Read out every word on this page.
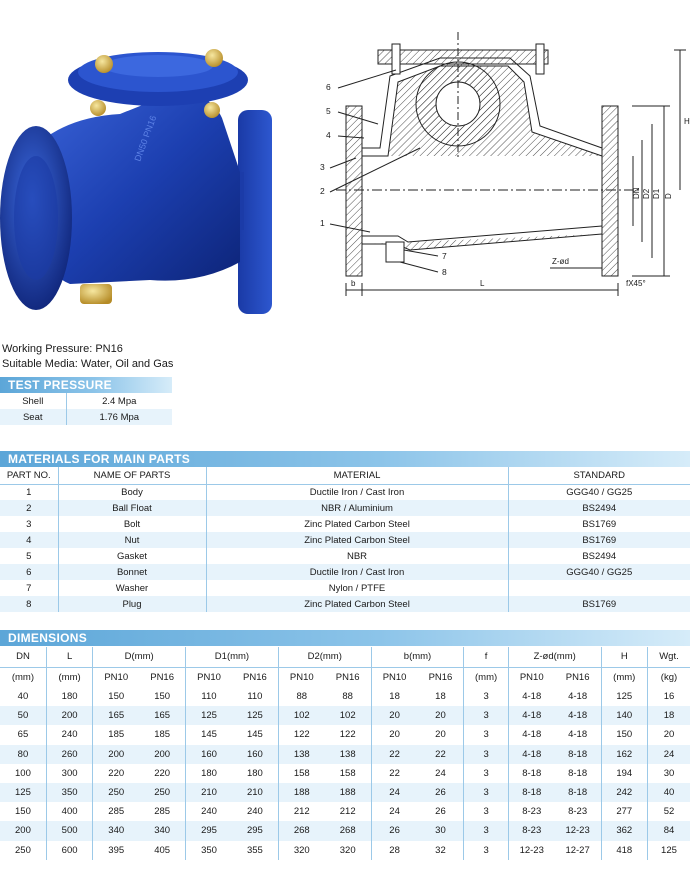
DN50 PN16
6
5
4
3
2
1
7
8
H
DN D2 D1 D
Z-ød
b	L	fX45°
Working Pressure: PN16
Suitable Media: Water, Oil and Gas
TEST PRESSURE
Shell	2.4 Mpa
Seat	1.76 Mpa
MATERIALS FOR MAIN PARTS
PART NO.	NAME OF PARTS	MATERIAL	STANDARD
1	Body	Ductile Iron / Cast Iron	GGG40 / GG25
2	Ball Float	NBR / Aluminium	BS2494
3	Bolt	Zinc Plated Carbon Steel	BS1769
4	Nut	Zinc Plated Carbon Steel	BS1769
5	Gasket	NBR	BS2494
6	Bonnet	Ductile Iron / Cast Iron	GGG40 / GG25
7	Washer	Nylon / PTFE	
8	Plug	Zinc Plated Carbon Steel	BS1769
DIMENSIONS
DN	L	D(mm)		D1(mm)		D2(mm)		b(mm)		f	Z-ød(mm)		H	Wgt.
(mm)	(mm)	PN10	PN16	PN10	PN16	PN10	PN16	PN10	PN16	(mm)	PN10	PN16	(mm)	(kg)
40	180	150	150	110	110	88	88	18	18	3	4-18	4-18	125	16
50	200	165	165	125	125	102	102	20	20	3	4-18	4-18	140	18
65	240	185	185	145	145	122	122	20	20	3	4-18	4-18	150	20
80	260	200	200	160	160	138	138	22	22	3	4-18	8-18	162	24
100	300	220	220	180	180	158	158	22	24	3	8-18	8-18	194	30
125	350	250	250	210	210	188	188	24	26	3	8-18	8-18	242	40
150	400	285	285	240	240	212	212	24	26	3	8-23	8-23	277	52
200	500	340	340	295	295	268	268	26	30	3	8-23	12-23	362	84
250	600	395	405	350	355	320	320	28	32	3	12-23	12-27	418	125
